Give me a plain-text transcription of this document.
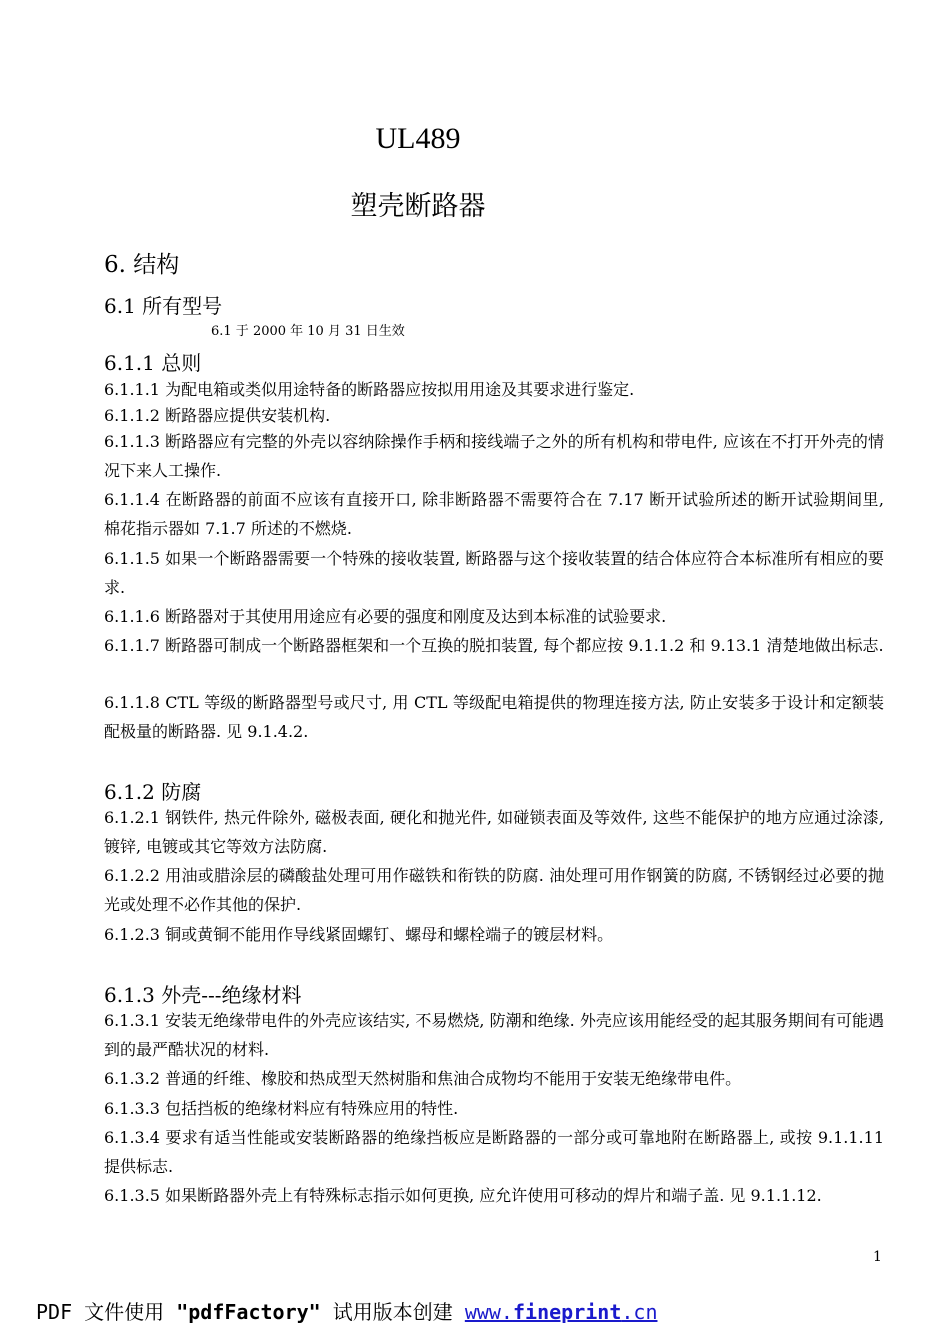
UL489
塑壳断路器
6. 结构
6.1 所有型号
6.1 于 2000 年 10 月 31 日生效
6.1.1 总则
6.1.1.1 为配电箱或类似用途特备的断路器应按拟用用途及其要求进行鉴定.
6.1.1.2 断路器应提供安装机构.
6.1.1.3 断路器应有完整的外壳以容纳除操作手柄和接线端子之外的所有机构和带电件, 应该在不打开外壳的情况下来人工操作.
6.1.1.4 在断路器的前面不应该有直接开口, 除非断路器不需要符合在 7.17 断开试验所述的断开试验期间里, 棉花指示器如 7.1.7 所述的不燃烧.
6.1.1.5 如果一个断路器需要一个特殊的接收装置, 断路器与这个接收装置的结合体应符合本标准所有相应的要求.
6.1.1.6 断路器对于其使用用途应有必要的强度和刚度及达到本标准的试验要求.
6.1.1.7 断路器可制成一个断路器框架和一个互换的脱扣装置, 每个都应按 9.1.1.2 和 9.13.1 清楚地做出标志.
6.1.1.8 CTL 等级的断路器型号或尺寸, 用 CTL 等级配电箱提供的物理连接方法, 防止安装多于设计和定额装配极量的断路器. 见 9.1.4.2.
6.1.2 防腐
6.1.2.1 钢铁件, 热元件除外, 磁极表面, 硬化和抛光件, 如碰锁表面及等效件, 这些不能保护的地方应通过涂漆, 镀锌, 电镀或其它等效方法防腐.
6.1.2.2 用油或腊涂层的磷酸盐处理可用作磁铁和衔铁的防腐. 油处理可用作钢簧的防腐, 不锈钢经过必要的抛光或处理不必作其他的保护.
6.1.2.3 铜或黄铜不能用作导线紧固螺钉、螺母和螺栓端子的镀层材料。
6.1.3 外壳---绝缘材料
6.1.3.1 安装无绝缘带电件的外壳应该结实, 不易燃烧, 防潮和绝缘. 外壳应该用能经受的起其服务期间有可能遇到的最严酷状况的材料.
6.1.3.2 普通的纤维、橡胶和热成型天然树脂和焦油合成物均不能用于安装无绝缘带电件。
6.1.3.3 包括挡板的绝缘材料应有特殊应用的特性.
6.1.3.4 要求有适当性能或安装断路器的绝缘挡板应是断路器的一部分或可靠地附在断路器上, 或按 9.1.1.11 提供标志.
6.1.3.5 如果断路器外壳上有特殊标志指示如何更换, 应允许使用可移动的焊片和端子盖. 见 9.1.1.12.
1
PDF 文件使用 "pdfFactory" 试用版本创建 www.fineprint.cn
